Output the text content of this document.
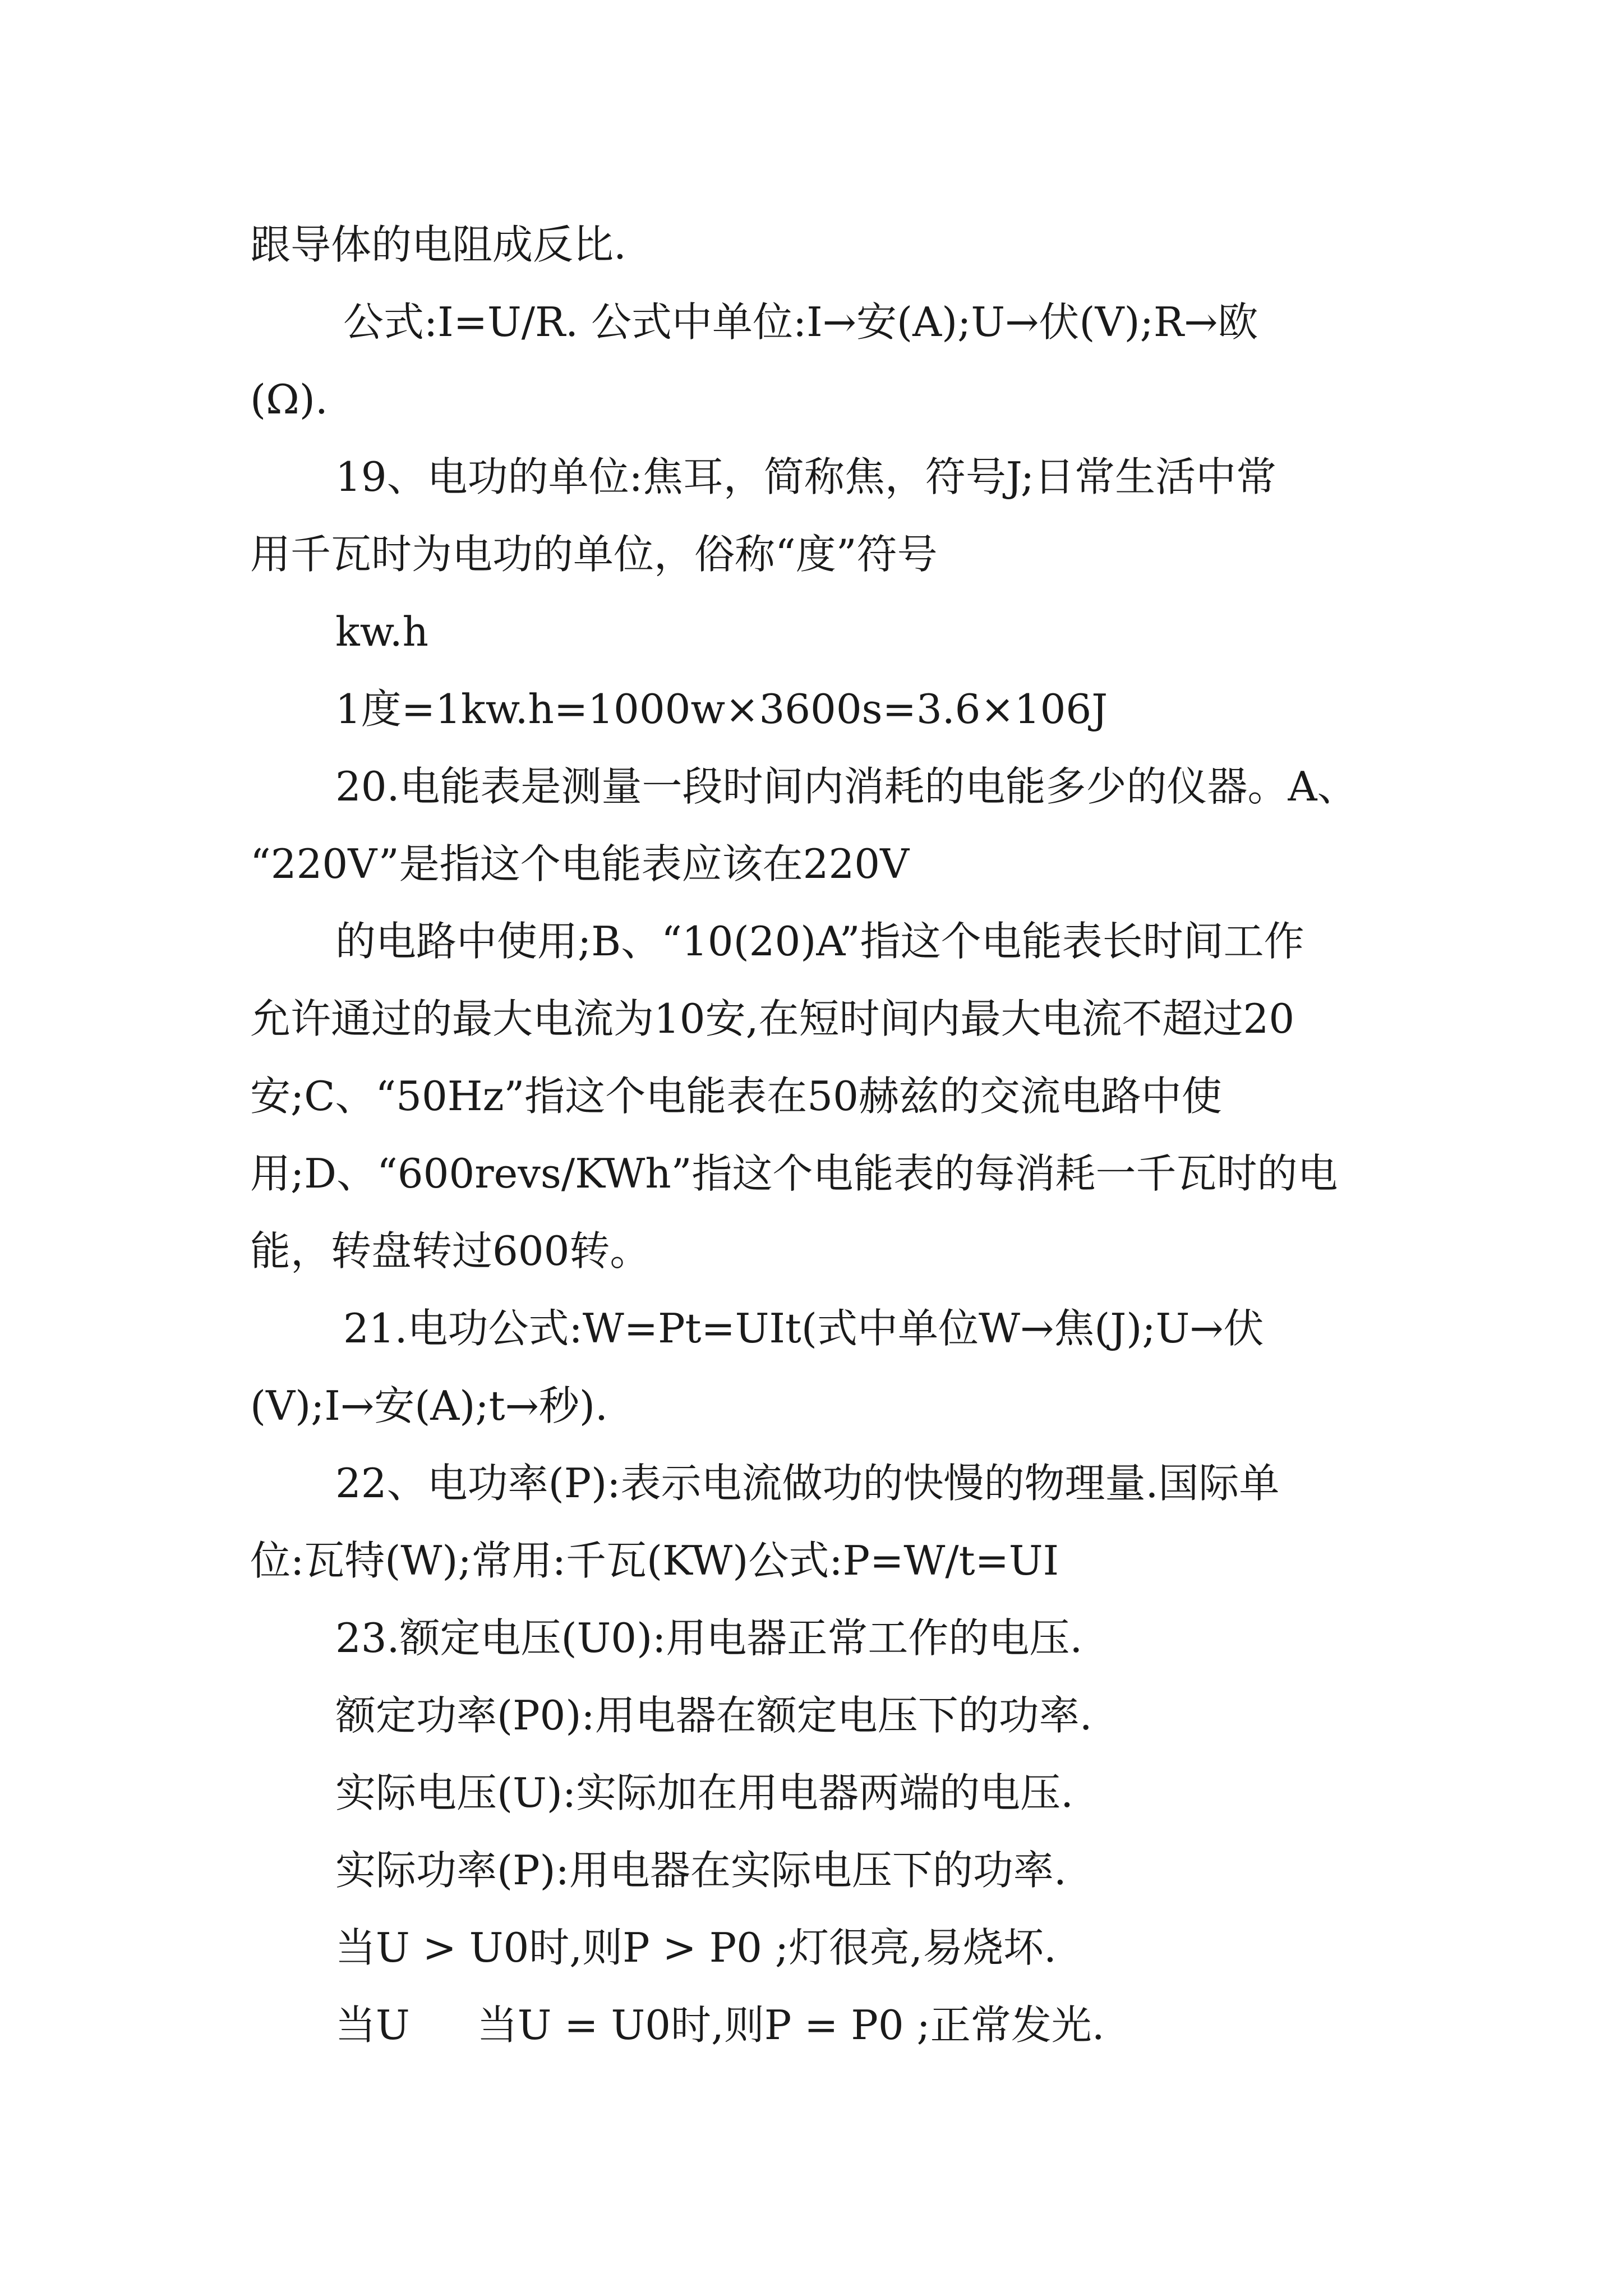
跟导体的电阻成反比.
公式:I=U/R. 公式中单位:I→安(A);U→伏(V);R→欧
(Ω).
19、电功的单位:焦耳，简称焦，符号J;日常生活中常
用千瓦时为电功的单位，俗称“度”符号
kw.h
1度=1kw.h=1000w×3600s=3.6×106J
20.电能表是测量一段时间内消耗的电能多少的仪器。A、
“220V”是指这个电能表应该在220V
的电路中使用;B、“10(20)A”指这个电能表长时间工作
允许通过的最大电流为10安,在短时间内最大电流不超过20
安;C、“50Hz”指这个电能表在50赫兹的交流电路中使
用;D、“600revs/KWh”指这个电能表的每消耗一千瓦时的电
能，转盘转过600转。
21.电功公式:W=Pt=UIt(式中单位W→焦(J);U→伏
(V);I→安(A);t→秒).
22、电功率(P):表示电流做功的快慢的物理量.国际单
位:瓦特(W);常用:千瓦(KW)公式:P=W/t=UI
23.额定电压(U0):用电器正常工作的电压.
额定功率(P0):用电器在额定电压下的功率.
实际电压(U):实际加在用电器两端的电压.
实际功率(P):用电器在实际电压下的功率.
当U > U0时,则P > P0 ;灯很亮,易烧坏.
当U 当U = U0时,则P = P0 ;正常发光.
